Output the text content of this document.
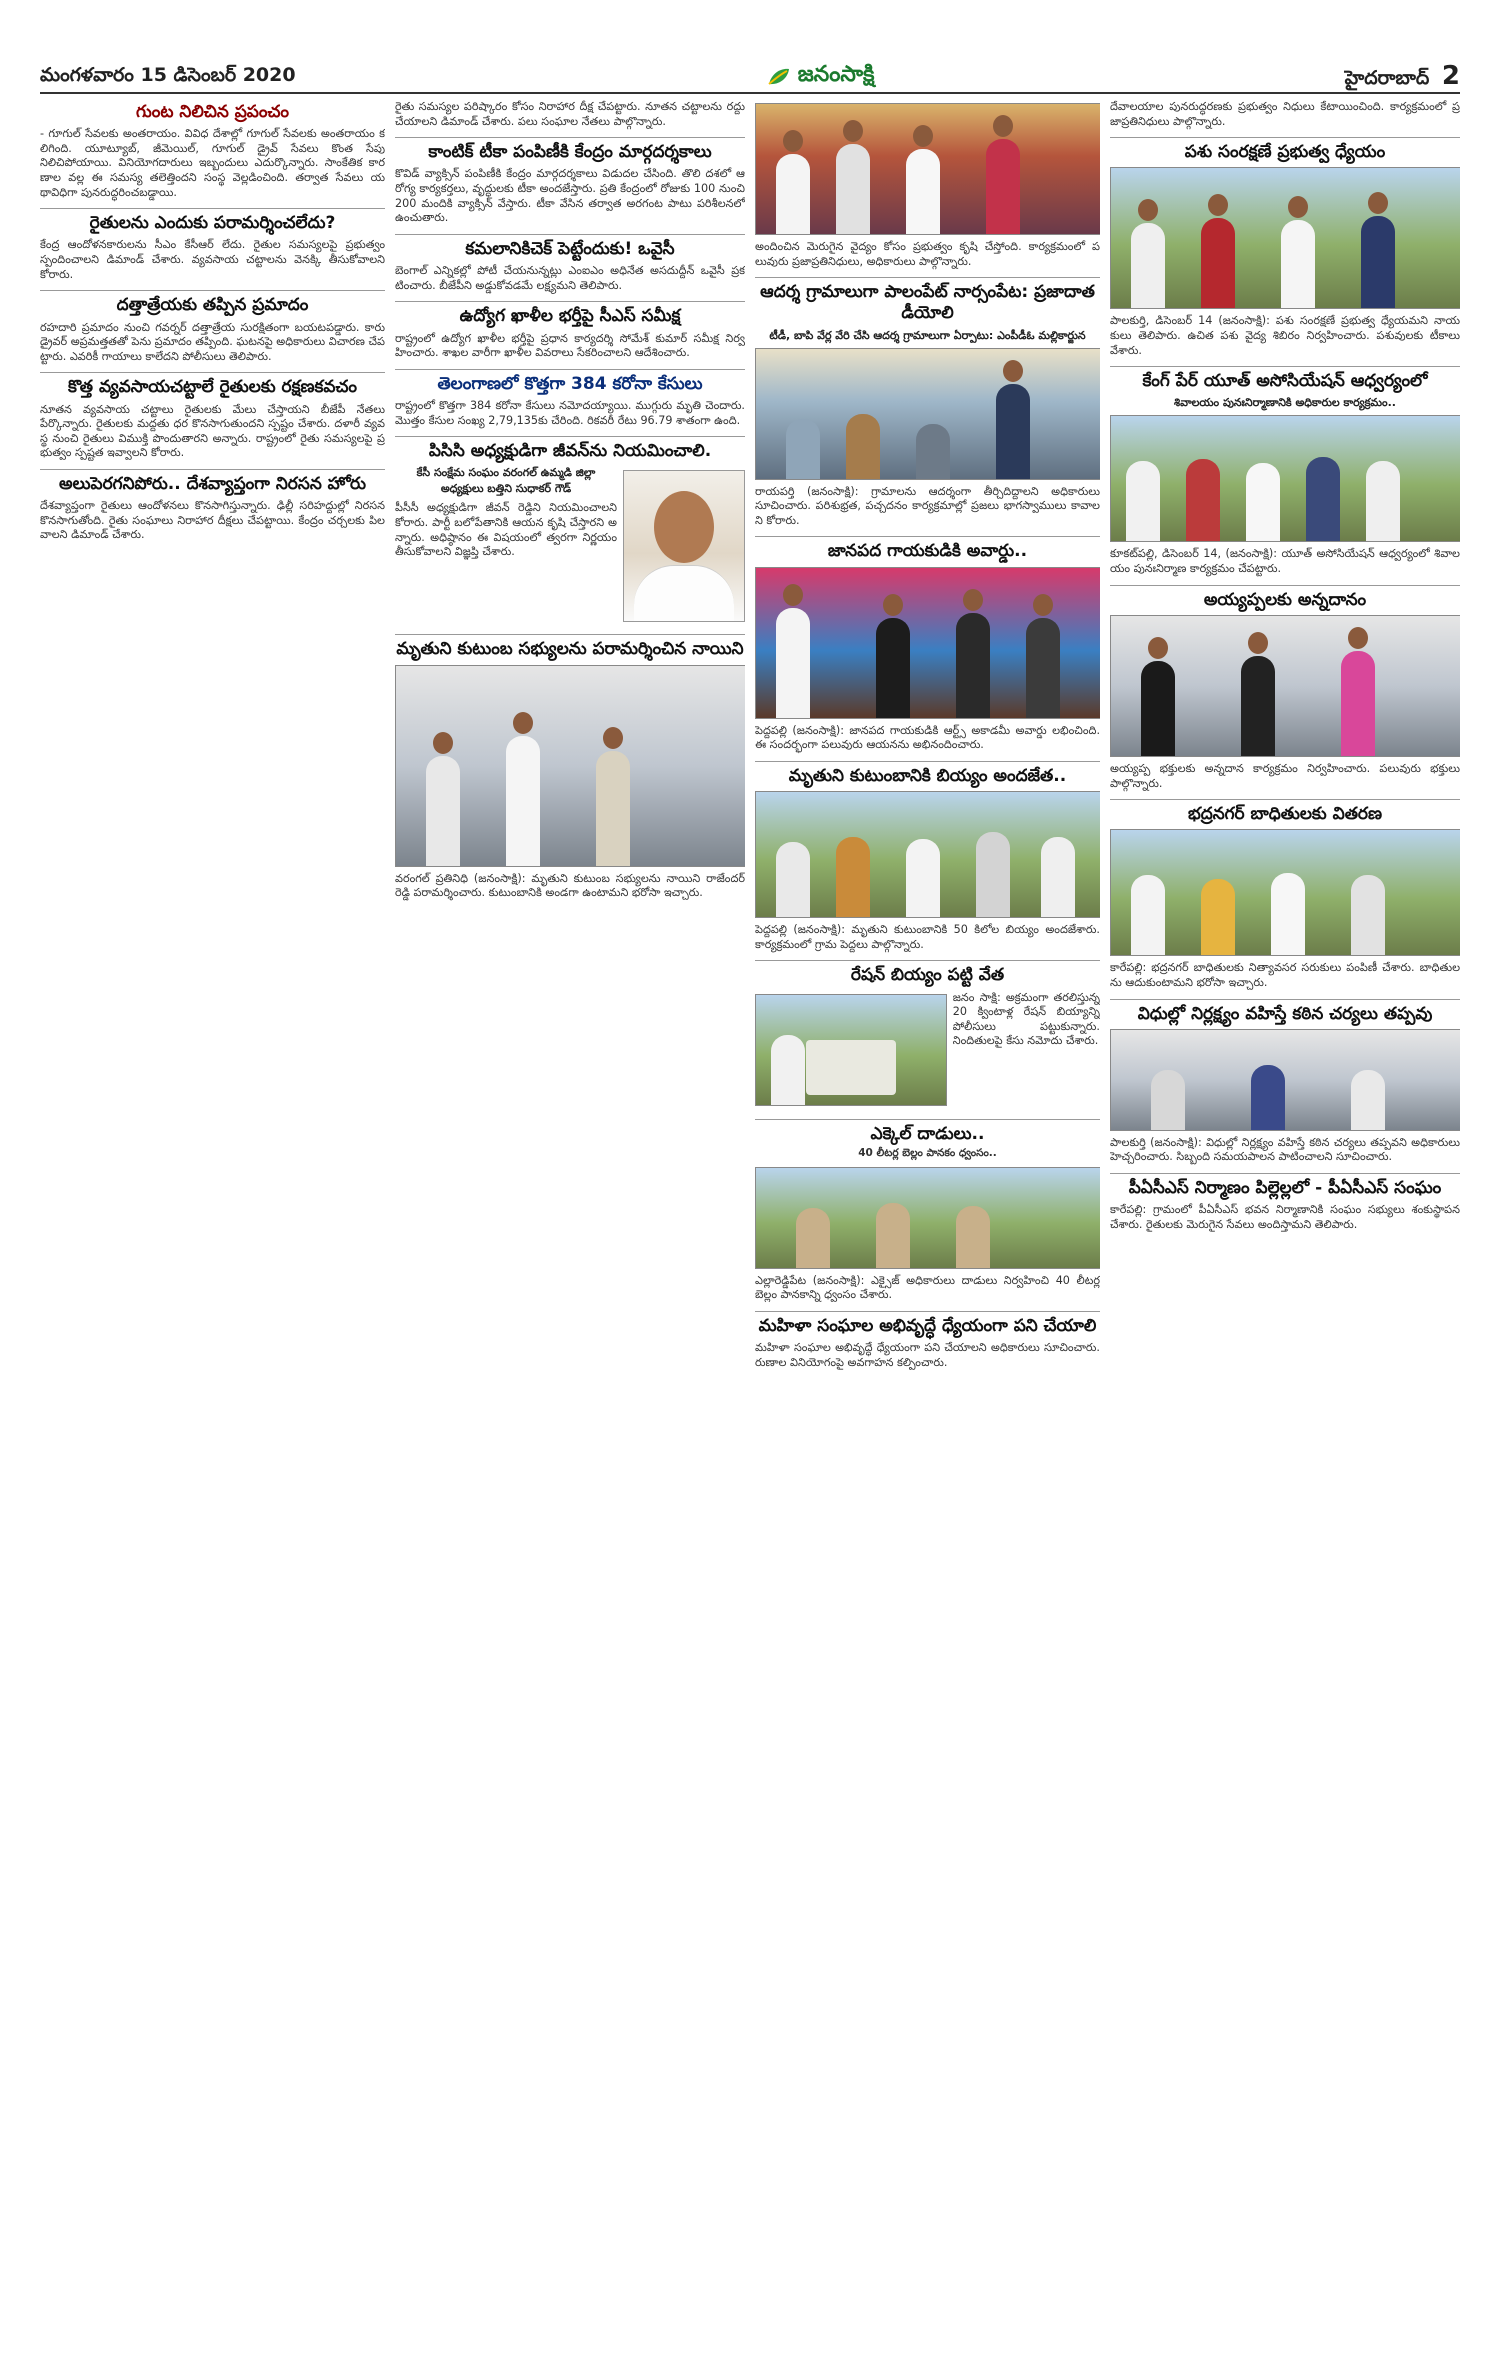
మంగళవారం 15 డిసెంబర్ 2020	జనంసాక్షి	హైదరాబాద్ 2
గుంట నిలిచిన ప్రపంచం
- గూగుల్ సేవలకు అంతరాయం. వివిధ దేశాల్లో గూగుల్ సేవలకు అంతరాయం కలిగింది. యూట్యూబ్, జీమెయిల్, గూగుల్ డ్రైవ్ సేవలు కొంత సేపు నిలిచిపోయాయి. వినియోగదారులు ఇబ్బందులు ఎదుర్కొన్నారు. సాంకేతిక కారణాల వల్ల ఈ సమస్య తలెత్తిందని సంస్థ వెల్లడించింది. తర్వాత సేవలు యథావిధిగా పునరుద్ధరించబడ్డాయి.
రైతులను ఎందుకు పరామర్శించలేదు?
కేంద్ర ఆందోళనకారులను సీఎం కేసీఆర్ లేదు. రైతుల సమస్యలపై ప్రభుత్వం స్పందించాలని డిమాండ్ చేశారు. వ్యవసాయ చట్టాలను వెనక్కి తీసుకోవాలని కోరారు.
దత్తాత్రేయకు తప్పిన ప్రమాదం
రహదారి ప్రమాదం నుంచి గవర్నర్ దత్తాత్రేయ సురక్షితంగా బయటపడ్డారు. కారు డ్రైవర్ అప్రమత్తతతో పెను ప్రమాదం తప్పింది. ఘటనపై అధికారులు విచారణ చేపట్టారు. ఎవరికీ గాయాలు కాలేదని పోలీసులు తెలిపారు.
కొత్త వ్యవసాయచట్టాలే రైతులకు రక్షణకవచం
నూతన వ్యవసాయ చట్టాలు రైతులకు మేలు చేస్తాయని బీజేపీ నేతలు పేర్కొన్నారు. రైతులకు మద్దతు ధర కొనసాగుతుందని స్పష్టం చేశారు. దళారీ వ్యవస్థ నుంచి రైతులు విముక్తి పొందుతారని అన్నారు. రాష్ట్రంలో రైతు సమస్యలపై ప్రభుత్వం స్పష్టత ఇవ్వాలని కోరారు.
అలుపెరగనిపోరు.. దేశవ్యాప్తంగా నిరసన హోరు
దేశవ్యాప్తంగా రైతులు ఆందోళనలు కొనసాగిస్తున్నారు. ఢిల్లీ సరిహద్దుల్లో నిరసన కొనసాగుతోంది. రైతు సంఘాలు నిరాహార దీక్షలు చేపట్టాయి. కేంద్రం చర్చలకు పిలవాలని డిమాండ్ చేశారు.
రైతు సమస్యల పరిష్కారం కోసం నిరాహార దీక్ష చేపట్టారు. నూతన చట్టాలను రద్దు చేయాలని డిమాండ్ చేశారు. పలు సంఘాల నేతలు పాల్గొన్నారు.
కాంటిక్ టీకా పంపిణీకి కేంద్రం మార్గదర్శకాలు
కొవిడ్ వ్యాక్సిన్ పంపిణీకి కేంద్రం మార్గదర్శకాలు విడుదల చేసింది. తొలి దశలో ఆరోగ్య కార్యకర్తలు, వృద్ధులకు టీకా అందజేస్తారు. ప్రతి కేంద్రంలో రోజుకు 100 నుంచి 200 మందికి వ్యాక్సిన్ వేస్తారు. టీకా వేసిన తర్వాత అరగంట పాటు పరిశీలనలో ఉంచుతారు.
కమలానికిచెక్ పెట్టేందుకు! ఒవైసీ
బెంగాల్ ఎన్నికల్లో పోటీ చేయనున్నట్లు ఎంఐఎం అధినేత అసదుద్దీన్ ఒవైసీ ప్రకటించారు. బీజేపీని అడ్డుకోవడమే లక్ష్యమని తెలిపారు.
ఉద్యోగ ఖాళీల భర్తీపై సీఎస్ సమీక్ష
రాష్ట్రంలో ఉద్యోగ ఖాళీల భర్తీపై ప్రధాన కార్యదర్శి సోమేశ్ కుమార్ సమీక్ష నిర్వహించారు. శాఖల వారీగా ఖాళీల వివరాలు సేకరించాలని ఆదేశించారు.
తెలంగాణలో కొత్తగా 384 కరోనా కేసులు
రాష్ట్రంలో కొత్తగా 384 కరోనా కేసులు నమోదయ్యాయి. ముగ్గురు మృతి చెందారు. మొత్తం కేసుల సంఖ్య 2,79,135కు చేరింది. రికవరీ రేటు 96.79 శాతంగా ఉంది.
పిసిసి అధ్యక్షుడిగా జీవన్‌ను నియమించాలి.
కేసీ సంక్షేమ సంఘం వరంగల్ ఉమ్మడి జిల్లా అధ్యక్షులు బత్తిని సుధాకర్ గౌడ్
పీసీసీ అధ్యక్షుడిగా జీవన్ రెడ్డిని నియమించాలని కోరారు. పార్టీ బలోపేతానికి ఆయన కృషి చేస్తారని అన్నారు. అధిష్ఠానం ఈ విషయంలో త్వరగా నిర్ణయం తీసుకోవాలని విజ్ఞప్తి చేశారు.
మృతుని కుటుంబ సభ్యులను పరామర్శించిన నాయిని
వరంగల్ ప్రతినిధి (జనంసాక్షి): మృతుని కుటుంబ సభ్యులను నాయిని రాజేందర్ రెడ్డి పరామర్శించారు. కుటుంబానికి అండగా ఉంటామని భరోసా ఇచ్చారు.
అందించిన మెరుగైన వైద్యం కోసం ప్రభుత్వం కృషి చేస్తోంది. కార్యక్రమంలో పలువురు ప్రజాప్రతినిధులు, అధికారులు పాల్గొన్నారు.
ఆదర్శ గ్రామాలుగా పాలంపేట్ నార్సంపేట: ప్రజాదాత డీయోలి
టీడీ, బాపి వేర్ల వేరి చేసి ఆదర్శ గ్రామాలుగా ఏర్పాటు: ఎంపీడీఓ మల్లికార్జున
రాయపర్తి (జనంసాక్షి): గ్రామాలను ఆదర్శంగా తీర్చిదిద్దాలని అధికారులు సూచించారు. పరిశుభ్రత, పచ్చదనం కార్యక్రమాల్లో ప్రజలు భాగస్వాములు కావాలని కోరారు.
జానపద గాయకుడికి అవార్డు..
పెద్దపల్లి (జనంసాక్షి): జానపద గాయకుడికి ఆర్ట్స్ అకాడమీ అవార్డు లభించింది. ఈ సందర్భంగా పలువురు ఆయనను అభినందించారు.
మృతుని కుటుంబానికి బియ్యం అందజేత..
పెద్దపల్లి (జనంసాక్షి): మృతుని కుటుంబానికి 50 కిలోల బియ్యం అందజేశారు. కార్యక్రమంలో గ్రామ పెద్దలు పాల్గొన్నారు.
రేషన్ బియ్యం పట్టి వేత
జనం సాక్షి: అక్రమంగా తరలిస్తున్న 20 క్వింటాళ్ల రేషన్ బియ్యాన్ని పోలీసులు పట్టుకున్నారు. నిందితులపై కేసు నమోదు చేశారు.
ఎక్కెల్ దాడులు..
40 లీటర్ల బెల్లం పానకం ధ్వంసం..
ఎల్లారెడ్డిపేట (జనంసాక్షి): ఎక్సైజ్ అధికారులు దాడులు నిర్వహించి 40 లీటర్ల బెల్లం పానకాన్ని ధ్వంసం చేశారు.
మహిళా సంఘాల అభివృద్ధే ధ్యేయంగా పని చేయాలి
మహిళా సంఘాల అభివృద్ధే ధ్యేయంగా పని చేయాలని అధికారులు సూచించారు. రుణాల వినియోగంపై అవగాహన కల్పించారు.
దేవాలయాల పునరుద్ధరణకు ప్రభుత్వం నిధులు కేటాయించింది. కార్యక్రమంలో ప్రజాప్రతినిధులు పాల్గొన్నారు.
పశు సంరక్షణే ప్రభుత్వ ధ్యేయం
పాలకుర్తి, డిసెంబర్ 14 (జనంసాక్షి): పశు సంరక్షణే ప్రభుత్వ ధ్యేయమని నాయకులు తెలిపారు. ఉచిత పశు వైద్య శిబిరం నిర్వహించారు. పశువులకు టీకాలు వేశారు.
కేంగ్ పేర్ యూత్ అసోసియేషన్ ఆధ్వర్యంలో
శివాలయం పునఃనిర్మాణానికి అధికారుల కార్యక్రమం..
కూకట్‌పల్లి, డిసెంబర్ 14, (జనంసాక్షి): యూత్ అసోసియేషన్ ఆధ్వర్యంలో శివాలయం పునఃనిర్మాణ కార్యక్రమం చేపట్టారు.
అయ్యప్పలకు అన్నదానం
అయ్యప్ప భక్తులకు అన్నదాన కార్యక్రమం నిర్వహించారు. పలువురు భక్తులు పాల్గొన్నారు.
భద్రనగర్ బాధితులకు వితరణ
కారేపల్లి: భద్రనగర్ బాధితులకు నిత్యావసర సరుకులు పంపిణీ చేశారు. బాధితులను ఆదుకుంటామని భరోసా ఇచ్చారు.
విధుల్లో నిర్లక్ష్యం వహిస్తే కఠిన చర్యలు తప్పవు
పాలకుర్తి (జనంసాక్షి): విధుల్లో నిర్లక్ష్యం వహిస్తే కఠిన చర్యలు తప్పవని అధికారులు హెచ్చరించారు. సిబ్బంది సమయపాలన పాటించాలని సూచించారు.
పీఏసీఎస్ నిర్మాణం పిల్లెల్లలో - పీఏసీఎస్ సంఘం
కారేపల్లి: గ్రామంలో పీఏసీఎస్ భవన నిర్మాణానికి సంఘం సభ్యులు శంకుస్థాపన చేశారు. రైతులకు మెరుగైన సేవలు అందిస్తామని తెలిపారు.
